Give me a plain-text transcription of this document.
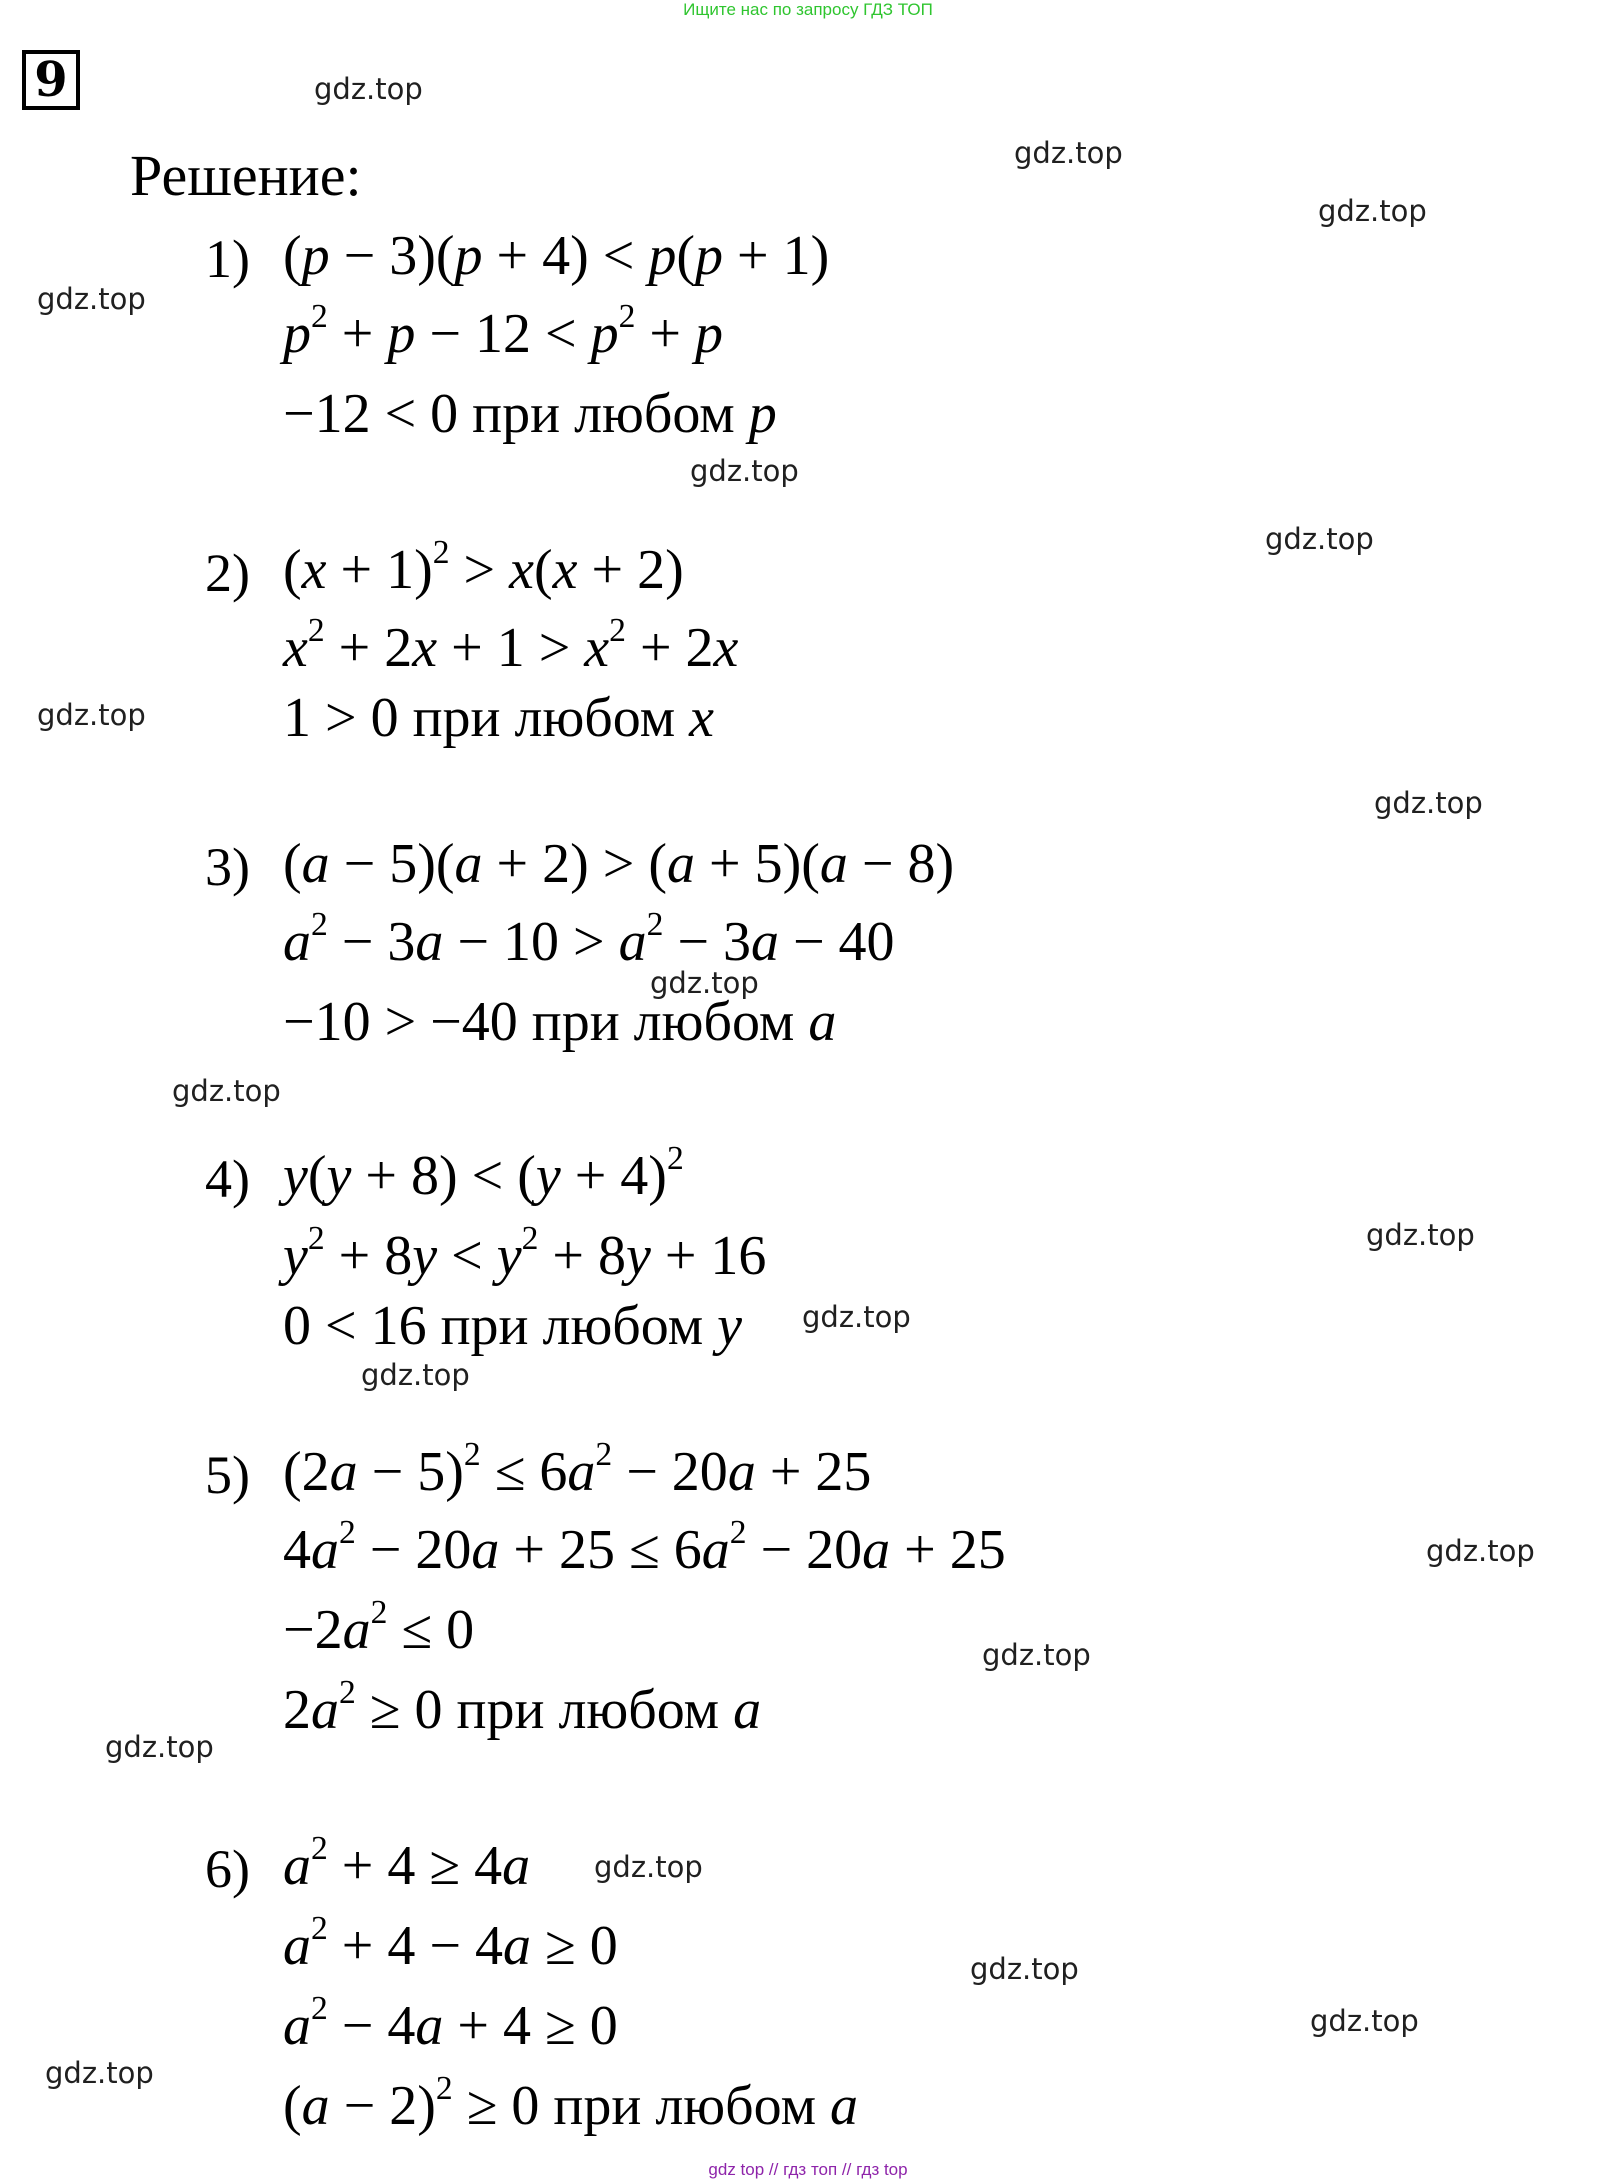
Ищите нас по запросу ГДЗ ТОП
9
Решение:
1) (p − 3)(p + 4) < p(p + 1)
$p^2 + p - 12 < p^2 + p$
−12 < 0 при любом p
2) $(x + 1)^2 > x(x + 2)$
$x^2 + 2x + 1 > x^2 + 2x$
1 > 0 при любом x
3) (a − 5)(a + 2) > (a + 5)(a − 8)
$a^2 - 3a - 10 > a^2 - 3a - 40$
−10 > −40 при любом a
4) $y(y + 8) < (y + 4)^2$
$y^2 + 8y < y^2 + 8y + 16$
0 < 16 при любом y
5) $(2a - 5)^2 \le 6a^2 - 20a + 25$
$4a^2 - 20a + 25 \le 6a^2 - 20a + 25$
$-2a^2 \le 0$
$2a^2 \ge 0$ при любом a
6) $a^2 + 4 \ge 4a$
$a^2 + 4 - 4a \ge 0$
$a^2 - 4a + 4 \ge 0$
$(a - 2)^2 \ge 0$ при любом a
gdz.top
gdz.top
gdz.top
gdz.top
gdz.top
gdz.top
gdz.top
gdz.top
gdz.top
gdz.top
gdz.top
gdz.top
gdz.top
gdz.top
gdz.top
gdz.top
gdz.top
gdz.top
gdz.top
gdz.top
gdz top // гдз топ // гдз top
